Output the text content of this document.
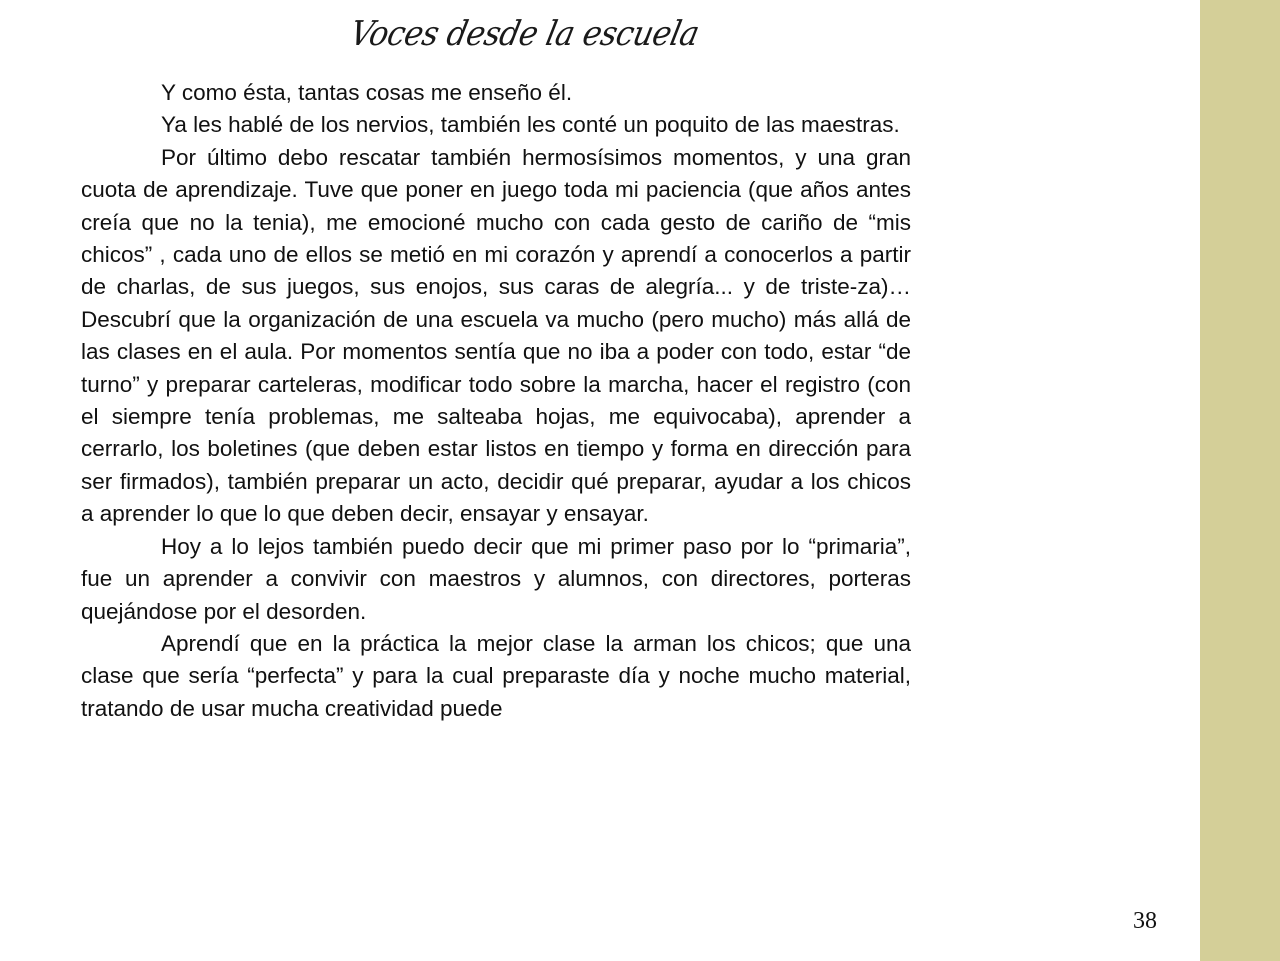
Voces desde la escuela

Y como ésta, tantas cosas me enseño él.

Ya les hablé de los nervios, también les conté un poquito de las maestras.

Por último debo rescatar también hermosísimos momentos, y una gran cuota de aprendizaje. Tuve que poner en juego toda mi paciencia (que años antes creía que no la tenia), me emocioné mucho con cada gesto de cariño de “mis chicos” , cada uno de ellos se metió en mi corazón y aprendí a conocerlos a partir de charlas, de sus juegos, sus enojos, sus caras de alegría... y de triste-za)…Descubrí que la organización de una escuela va mucho (pero mucho) más allá de las clases en el aula. Por momentos sentía que no iba a poder con todo, estar “de turno” y preparar carteleras, modificar todo sobre la marcha, hacer el registro (con el siempre tenía problemas, me salteaba hojas, me equivocaba), aprender a cerrarlo, los boletines (que deben estar listos en tiempo y forma en dirección para ser firmados), también preparar un acto, decidir qué preparar, ayudar a los chicos a aprender lo que lo que deben decir, ensayar y ensayar.

Hoy a lo lejos también puedo decir que mi primer paso por lo “primaria”, fue un aprender a convivir con maestros y alumnos, con directores, porteras quejándose por el desorden.

Aprendí que en la práctica la mejor clase la arman los chicos; que una clase que sería “perfecta” y para la cual preparaste día y noche mucho material, tratando de usar mucha creatividad puede

38
